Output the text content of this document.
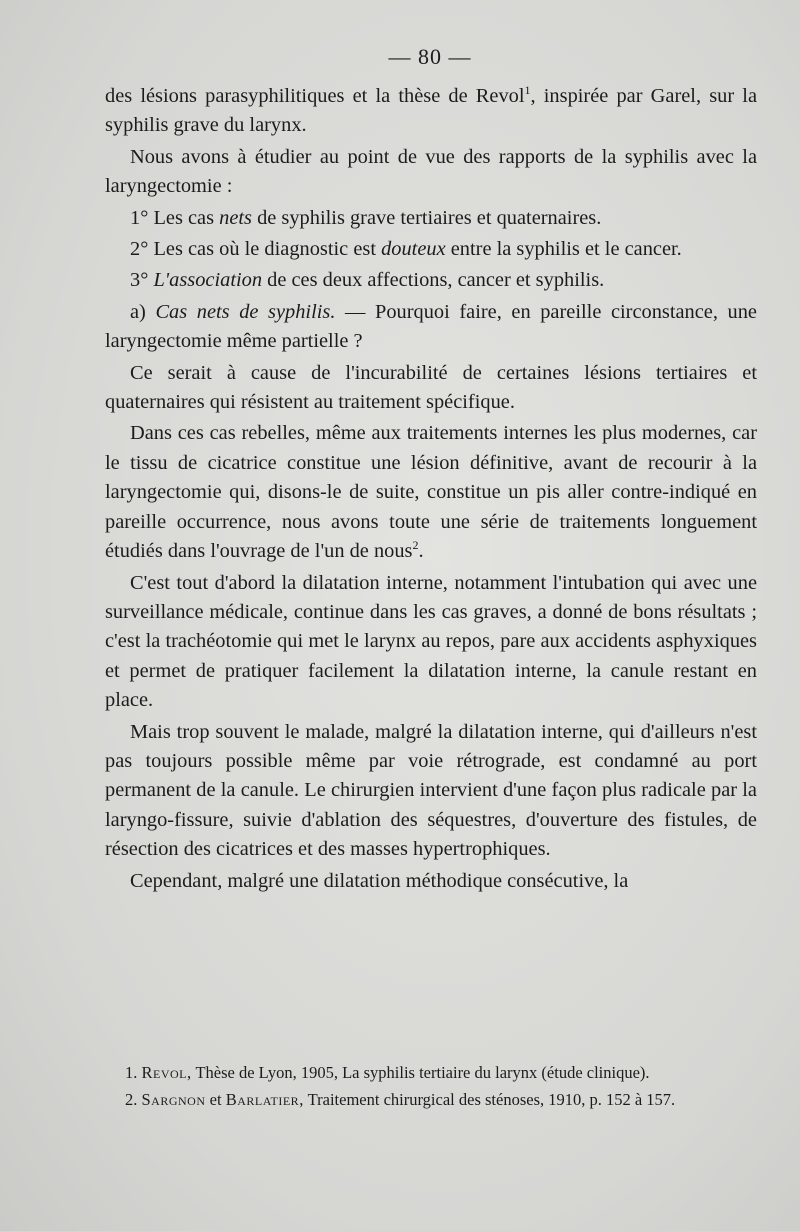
— 80 —

des lésions parasyphilitiques et la thèse de Revol$^1$, inspirée par Garel, sur la syphilis grave du larynx.

Nous avons à étudier au point de vue des rapports de la syphilis avec la laryngectomie :

1° Les cas nets de syphilis grave tertiaires et quaternaires.

2° Les cas où le diagnostic est douteux entre la syphilis et le cancer.

3° L'association de ces deux affections, cancer et syphilis.

a) Cas nets de syphilis. — Pourquoi faire, en pareille circonstance, une laryngectomie même partielle ?

Ce serait à cause de l'incurabilité de certaines lésions tertiaires et quaternaires qui résistent au traitement spécifique.

Dans ces cas rebelles, même aux traitements internes les plus modernes, car le tissu de cicatrice constitue une lésion définitive, avant de recourir à la laryngectomie qui, disons-le de suite, constitue un pis aller contre-indiqué en pareille occurrence, nous avons toute une série de traitements longuement étudiés dans l'ouvrage de l'un de nous$^2$.

C'est tout d'abord la dilatation interne, notamment l'intubation qui avec une surveillance médicale, continue dans les cas graves, a donné de bons résultats ; c'est la trachéotomie qui met le larynx au repos, pare aux accidents asphyxiques et permet de pratiquer facilement la dilatation interne, la canule restant en place.

Mais trop souvent le malade, malgré la dilatation interne, qui d'ailleurs n'est pas toujours possible même par voie rétrograde, est condamné au port permanent de la canule. Le chirurgien intervient d'une façon plus radicale par la laryngo-fissure, suivie d'ablation des séquestres, d'ouverture des fistules, de résection des cicatrices et des masses hypertrophiques.

Cependant, malgré une dilatation méthodique consécutive, la

1. Revol, Thèse de Lyon, 1905, La syphilis tertiaire du larynx (étude clinique).

2. Sargnon et Barlatier, Traitement chirurgical des sténoses, 1910, p. 152 à 157.
